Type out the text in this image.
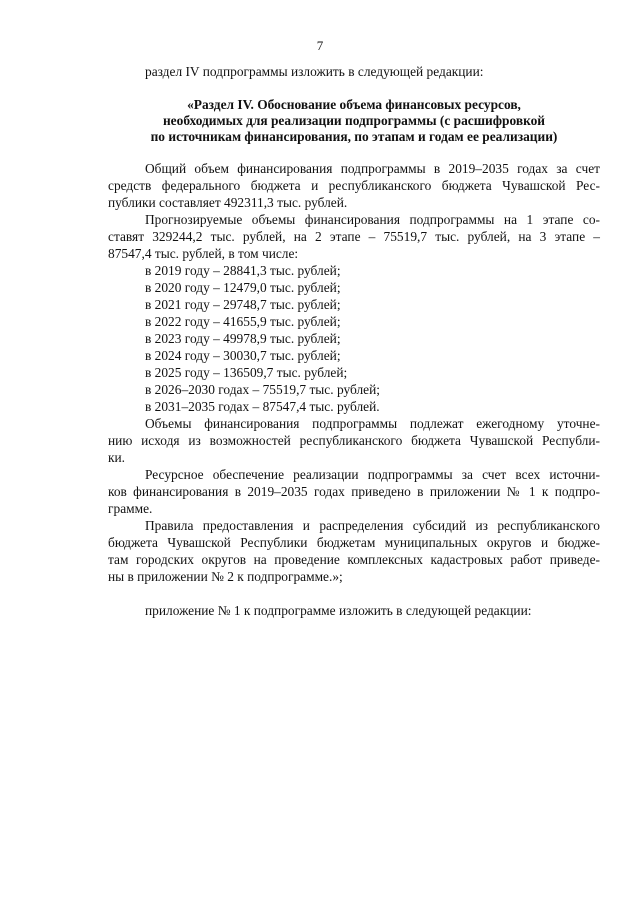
7
раздел IV подпрограммы изложить в следующей редакции:
«Раздел IV. Обоснование объема финансовых ресурсов,
необходимых для реализации подпрограммы (с расшифровкой
по источникам финансирования, по этапам и годам ее реализации)
Общий объем финансирования подпрограммы в 2019–2035 годах за счет
средств федерального бюджета и республиканского бюджета Чувашской Рес-
публики составляет 492311,3 тыс. рублей.
Прогнозируемые объемы финансирования подпрограммы на 1 этапе со-
ставят 329244,2 тыс. рублей, на 2 этапе – 75519,7 тыс. рублей, на 3 этапе –
87547,4 тыс. рублей, в том числе:
в 2019 году – 28841,3 тыс. рублей;
в 2020 году – 12479,0 тыс. рублей;
в 2021 году – 29748,7 тыс. рублей;
в 2022 году – 41655,9 тыс. рублей;
в 2023 году – 49978,9 тыс. рублей;
в 2024 году – 30030,7 тыс. рублей;
в 2025 году – 136509,7 тыс. рублей;
в 2026–2030 годах – 75519,7 тыс. рублей;
в 2031–2035 годах – 87547,4 тыс. рублей.
Объемы финансирования подпрограммы подлежат ежегодному уточне-
нию исходя из возможностей республиканского бюджета Чувашской Республи-
ки.
Ресурсное обеспечение реализации подпрограммы за счет всех источни-
ков финансирования в 2019–2035 годах приведено в приложении № 1 к подпро-
грамме.
Правила предоставления и распределения субсидий из республиканского
бюджета Чувашской Республики бюджетам муниципальных округов и бюдже-
там городских округов на проведение комплексных кадастровых работ приведе-
ны в приложении № 2 к подпрограмме.»;
приложение № 1 к подпрограмме изложить в следующей редакции:
